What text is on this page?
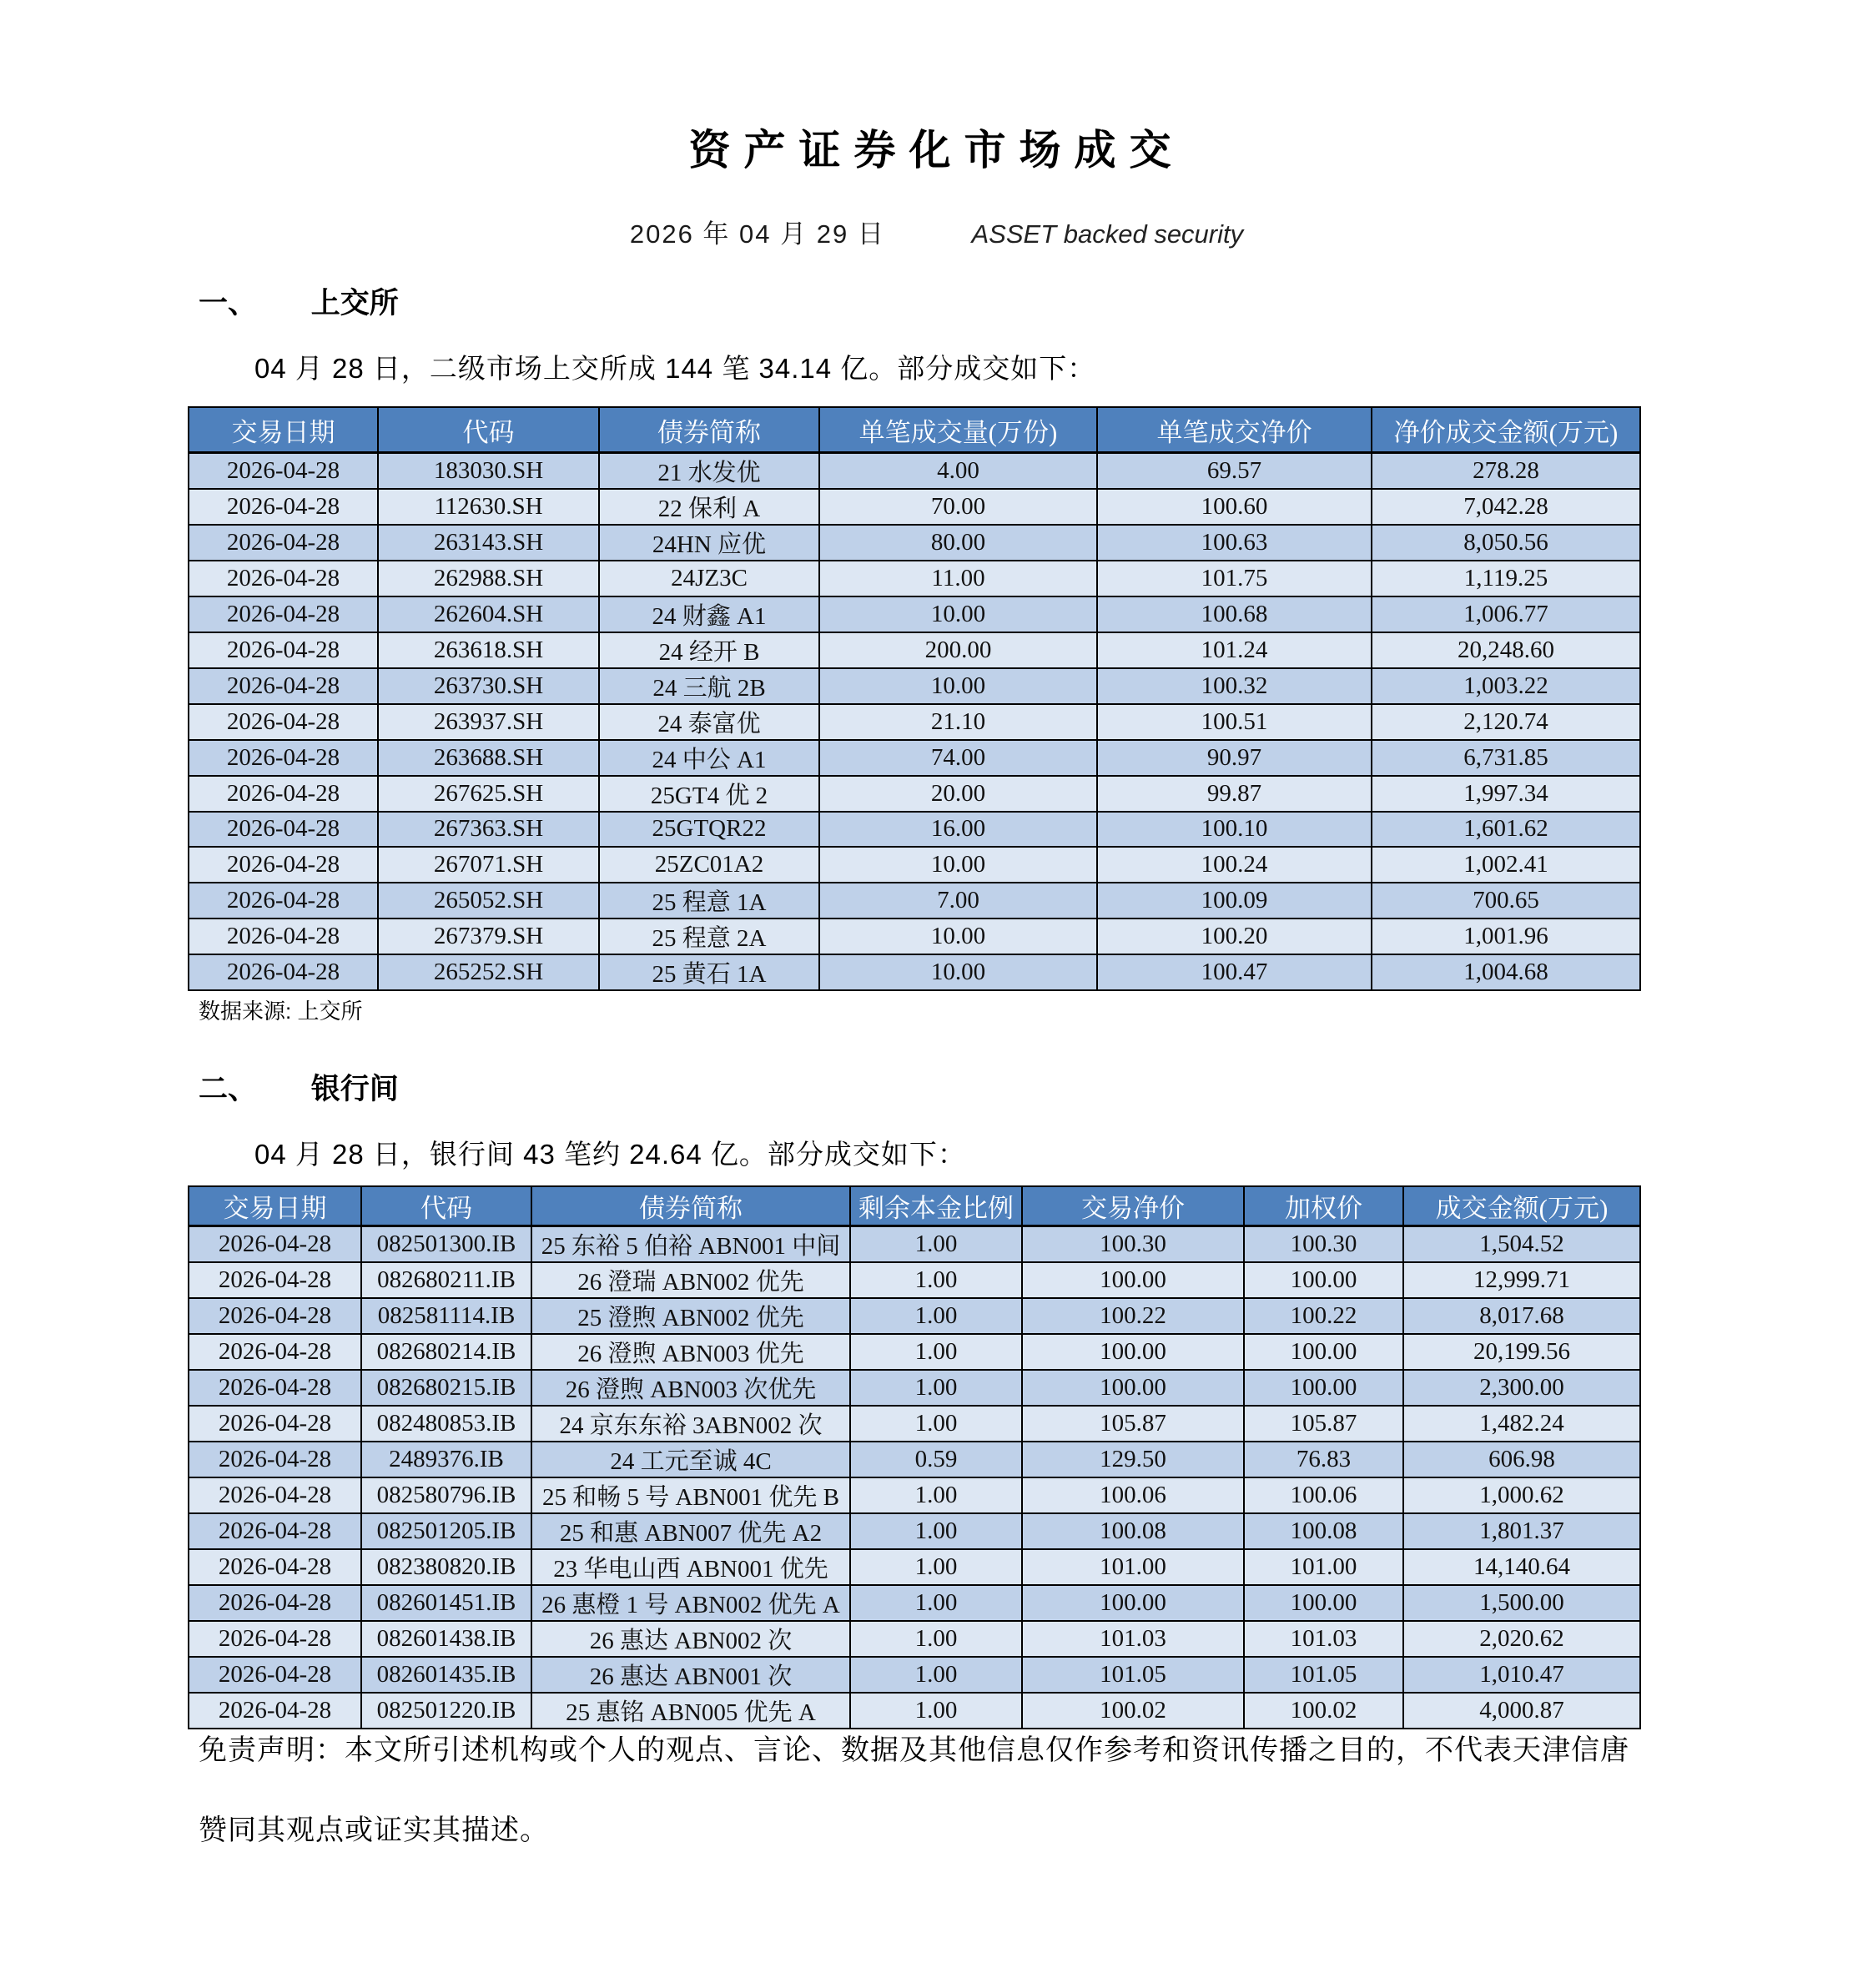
资产证券化市场成交
2026 年 04 月 29 日	ASSET backed security
一、 上交所
04 月 28 日，二级市场上交所成 144 笔 34.14 亿。部分成交如下：
交易日期	代码	债券简称	单笔成交量(万份)	单笔成交净价	净价成交金额(万元)
2026-04-28	183030.SH	21 水发优	4.00	69.57	278.28
2026-04-28	112630.SH	22 保利 A	70.00	100.60	7,042.28
2026-04-28	263143.SH	24HN 应优	80.00	100.63	8,050.56
2026-04-28	262988.SH	24JZ3C	11.00	101.75	1,119.25
2026-04-28	262604.SH	24 财鑫 A1	10.00	100.68	1,006.77
2026-04-28	263618.SH	24 经开 B	200.00	101.24	20,248.60
2026-04-28	263730.SH	24 三航 2B	10.00	100.32	1,003.22
2026-04-28	263937.SH	24 泰富优	21.10	100.51	2,120.74
2026-04-28	263688.SH	24 中公 A1	74.00	90.97	6,731.85
2026-04-28	267625.SH	25GT4 优 2	20.00	99.87	1,997.34
2026-04-28	267363.SH	25GTQR22	16.00	100.10	1,601.62
2026-04-28	267071.SH	25ZC01A2	10.00	100.24	1,002.41
2026-04-28	265052.SH	25 程意 1A	7.00	100.09	700.65
2026-04-28	267379.SH	25 程意 2A	10.00	100.20	1,001.96
2026-04-28	265252.SH	25 黄石 1A	10.00	100.47	1,004.68
数据来源: 上交所
二、 银行间
04 月 28 日，银行间 43 笔约 24.64 亿。部分成交如下：
交易日期	代码	债券简称	剩余本金比例	交易净价	加权价	成交金额(万元)
2026-04-28	082501300.IB	25 东裕 5 伯裕 ABN001 中间	1.00	100.30	100.30	1,504.52
2026-04-28	082680211.IB	26 澄瑞 ABN002 优先	1.00	100.00	100.00	12,999.71
2026-04-28	082581114.IB	25 澄煦 ABN002 优先	1.00	100.22	100.22	8,017.68
2026-04-28	082680214.IB	26 澄煦 ABN003 优先	1.00	100.00	100.00	20,199.56
2026-04-28	082680215.IB	26 澄煦 ABN003 次优先	1.00	100.00	100.00	2,300.00
2026-04-28	082480853.IB	24 京东东裕 3ABN002 次	1.00	105.87	105.87	1,482.24
2026-04-28	2489376.IB	24 工元至诚 4C	0.59	129.50	76.83	606.98
2026-04-28	082580796.IB	25 和畅 5 号 ABN001 优先 B	1.00	100.06	100.06	1,000.62
2026-04-28	082501205.IB	25 和惠 ABN007 优先 A2	1.00	100.08	100.08	1,801.37
2026-04-28	082380820.IB	23 华电山西 ABN001 优先	1.00	101.00	101.00	14,140.64
2026-04-28	082601451.IB	26 惠橙 1 号 ABN002 优先 A	1.00	100.00	100.00	1,500.00
2026-04-28	082601438.IB	26 惠达 ABN002 次	1.00	101.03	101.03	2,020.62
2026-04-28	082601435.IB	26 惠达 ABN001 次	1.00	101.05	101.05	1,010.47
2026-04-28	082501220.IB	25 惠铭 ABN005 优先 A	1.00	100.02	100.02	4,000.87
免责声明：本文所引述机构或个人的观点、言论、数据及其他信息仅作参考和资讯传播之目的，不代表天津信唐赞同其观点或证实其描述。
